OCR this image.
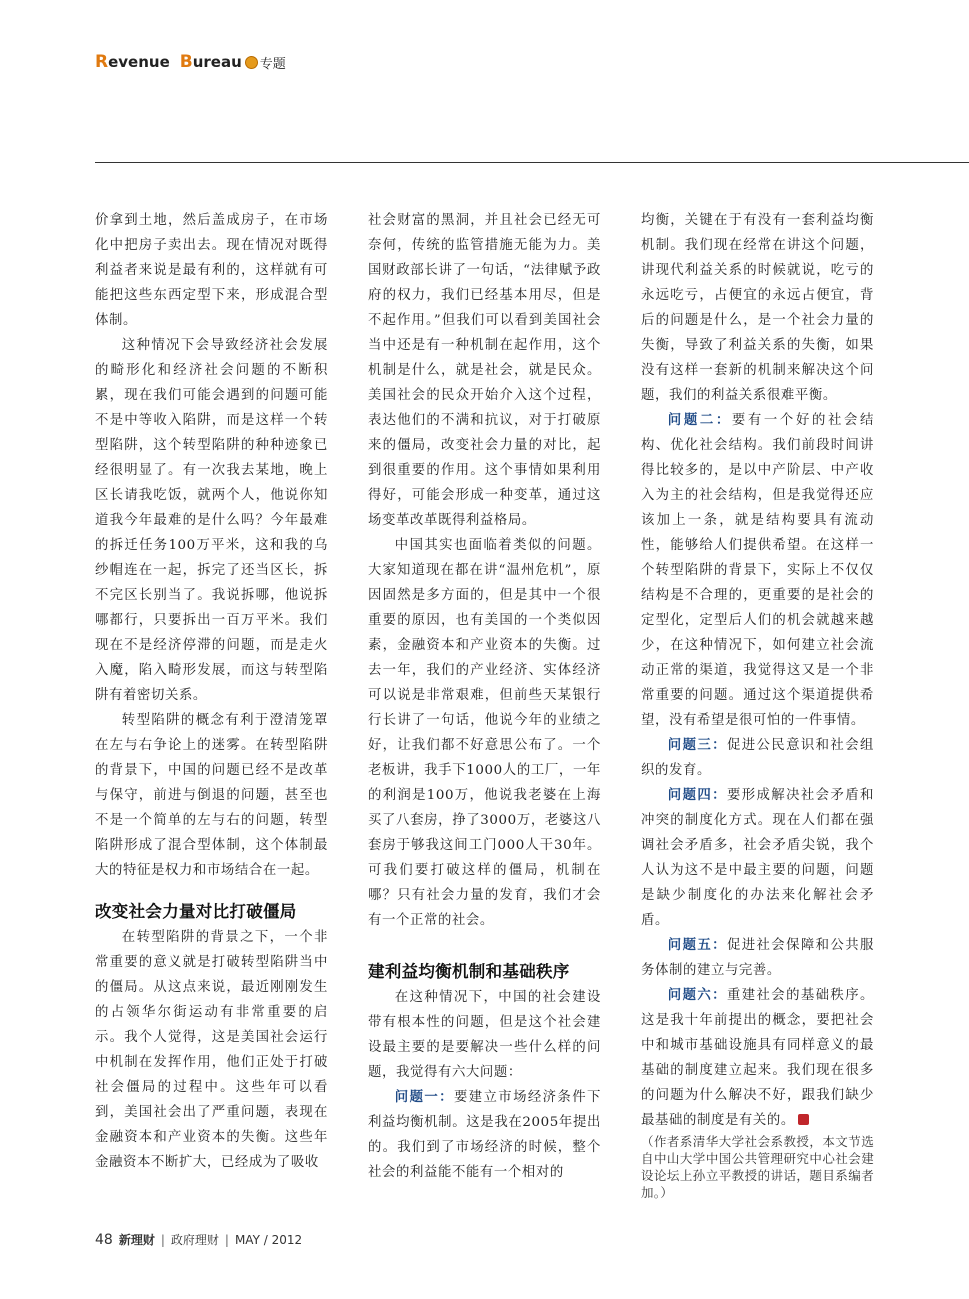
R evenue B ureau 专题

价拿到土地，然后盖成房子，在市场化中把房子卖出去。现在情况对既得利益者来说是最有利的，这样就有可能把这些东西定型下来，形成混合型体制。

这种情况下会导致经济社会发展的畸形化和经济社会问题的不断积累，现在我们可能会遇到的问题可能不是中等收入陷阱，而是这样一个转型陷阱，这个转型陷阱的种种迹象已经很明显了。有一次我去某地，晚上区长请我吃饭，就两个人，他说你知道我今年最难的是什么吗？今年最难的拆迁任务100万平米，这和我的乌纱帽连在一起，拆完了还当区长，拆不完区长别当了。我说拆哪，他说拆哪都行，只要拆出一百万平米。我们现在不是经济停滞的问题，而是走火入魔，陷入畸形发展，而这与转型陷阱有着密切关系。

转型陷阱的概念有利于澄清笼罩在左与右争论上的迷雾。在转型陷阱的背景下，中国的问题已经不是改革与保守，前进与倒退的问题，甚至也不是一个简单的左与右的问题，转型陷阱形成了混合型体制，这个体制最大的特征是权力和市场结合在一起。

改变社会力量对比打破僵局

在转型陷阱的背景之下，一个非常重要的意义就是打破转型陷阱当中的僵局。从这点来说，最近刚刚发生的占领华尔街运动有非常重要的启示。我个人觉得，这是美国社会运行中机制在发挥作用，他们正处于打破社会僵局的过程中。这些年可以看到，美国社会出了严重问题，表现在金融资本和产业资本的失衡。这些年金融资本不断扩大，已经成为了吸收

社会财富的黑洞，并且社会已经无可奈何，传统的监管措施无能为力。美国财政部长讲了一句话，“法律赋予政府的权力，我们已经基本用尽，但是不起作用。”但我们可以看到美国社会当中还是有一种机制在起作用，这个机制是什么，就是社会，就是民众。美国社会的民众开始介入这个过程，表达他们的不满和抗议，对于打破原来的僵局，改变社会力量的对比，起到很重要的作用。这个事情如果利用得好，可能会形成一种变革，通过这场变革改革既得利益格局。

中国其实也面临着类似的问题。大家知道现在都在讲“温州危机”，原因固然是多方面的，但是其中一个很重要的原因，也有美国的一个类似因素，金融资本和产业资本的失衡。过去一年，我们的产业经济、实体经济可以说是非常艰难，但前些天某银行行长讲了一句话，他说今年的业绩之好，让我们都不好意思公布了。一个老板讲，我手下1000人的工厂，一年的利润是100万，他说我老婆在上海买了八套房，挣了3000万，老婆这八套房于够我这间工门000人干30年。可我们要打破这样的僵局，机制在哪？只有社会力量的发育，我们才会有一个正常的社会。

建利益均衡机制和基础秩序

在这种情况下，中国的社会建设带有根本性的问题，但是这个社会建设最主要的是要解决一些什么样的问题，我觉得有六大问题：

问题一：要建立市场经济条件下利益均衡机制。这是我在2005年提出的。我们到了市场经济的时候，整个社会的利益能不能有一个相对的

均衡，关键在于有没有一套利益均衡机制。我们现在经常在讲这个问题，讲现代利益关系的时候就说，吃亏的永远吃亏，占便宜的永远占便宜，背后的问题是什么，是一个社会力量的失衡，导致了利益关系的失衡，如果没有这样一套新的机制来解决这个问题，我们的利益关系很难平衡。

问题二：要有一个好的社会结构、优化社会结构。我们前段时间讲得比较多的，是以中产阶层、中产收入为主的社会结构，但是我觉得还应该加上一条，就是结构要具有流动性，能够给人们提供希望。在这样一个转型陷阱的背景下，实际上不仅仅结构是不合理的，更重要的是社会的定型化，定型后人们的机会就越来越少，在这种情况下，如何建立社会流动正常的渠道，我觉得这又是一个非常重要的问题。通过这个渠道提供希望，没有希望是很可怕的一件事情。

问题三：促进公民意识和社会组织的发育。

问题四：要形成解决社会矛盾和冲突的制度化方式。现在人们都在强调社会矛盾多，社会矛盾尖锐，我个人认为这不是中最主要的问题，问题是缺少制度化的办法来化解社会矛盾。

问题五：促进社会保障和公共服务体制的建立与完善。

问题六：重建社会的基础秩序。这是我十年前提出的概念，要把社会中和城市基础设施具有同样意义的最基础的制度建立起来。我们现在很多的问题为什么解决不好，跟我们缺少最基础的制度是有关的。

（作者系清华大学社会系教授，本文节选自中山大学中国公共管理研究中心社会建设论坛上孙立平教授的讲话，题目系编者加。）

48 新理财 | 政府理财 | MAY / 2012
